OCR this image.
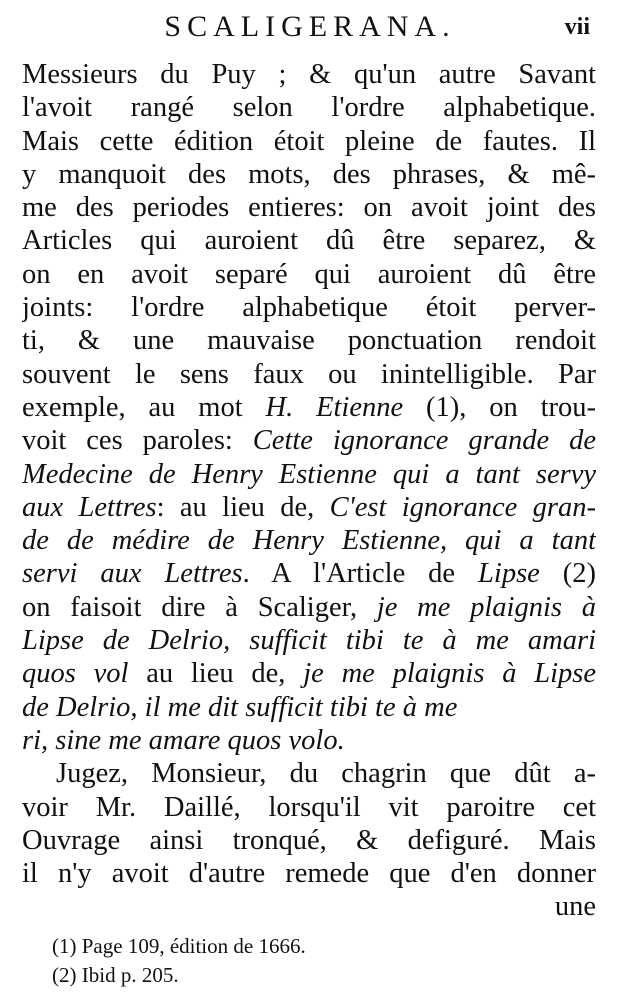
SCALIGERANA.	vii
Messieurs du Puy ; & qu'un autre Savant
l'avoit rangé selon l'ordre alphabetique.
Mais cette édition étoit pleine de fautes. Il
y manquoit des mots, des phrases, & mê-
me des periodes entieres: on avoit joint des
Articles qui auroient dû être separez, &
on en avoit separé qui auroient dû être
joints: l'ordre alphabetique étoit perver-
ti, & une mauvaise ponctuation rendoit
souvent le sens faux ou inintelligible. Par
exemple, au mot H. Etienne (1), on trou-
voit ces paroles: Cette ignorance grande de
Medecine de Henry Estienne qui a tant servy
aux Lettres: au lieu de, C'est ignorance gran-
de de médire de Henry Estienne, qui a tant
servi aux Lettres. A l'Article de Lipse (2)
on faisoit dire à Scaliger, je me plaignis à
Lipse de Delrio, sufficit tibi te à me amari
quos vol au lieu de, je me plaignis à Lipse
de Delrio, il me dit sufficit tibi te à me
ri, sine me amare quos volo.
Jugez, Monsieur, du chagrin que dût a-
voir Mr. Daillé, lorsqu'il vit paroitre cet
Ouvrage ainsi tronqué, & defiguré. Mais
il n'y avoit d'autre remede que d'en donner
une
(1) Page 109, édition de 1666.
(2) Ibid p. 205.
